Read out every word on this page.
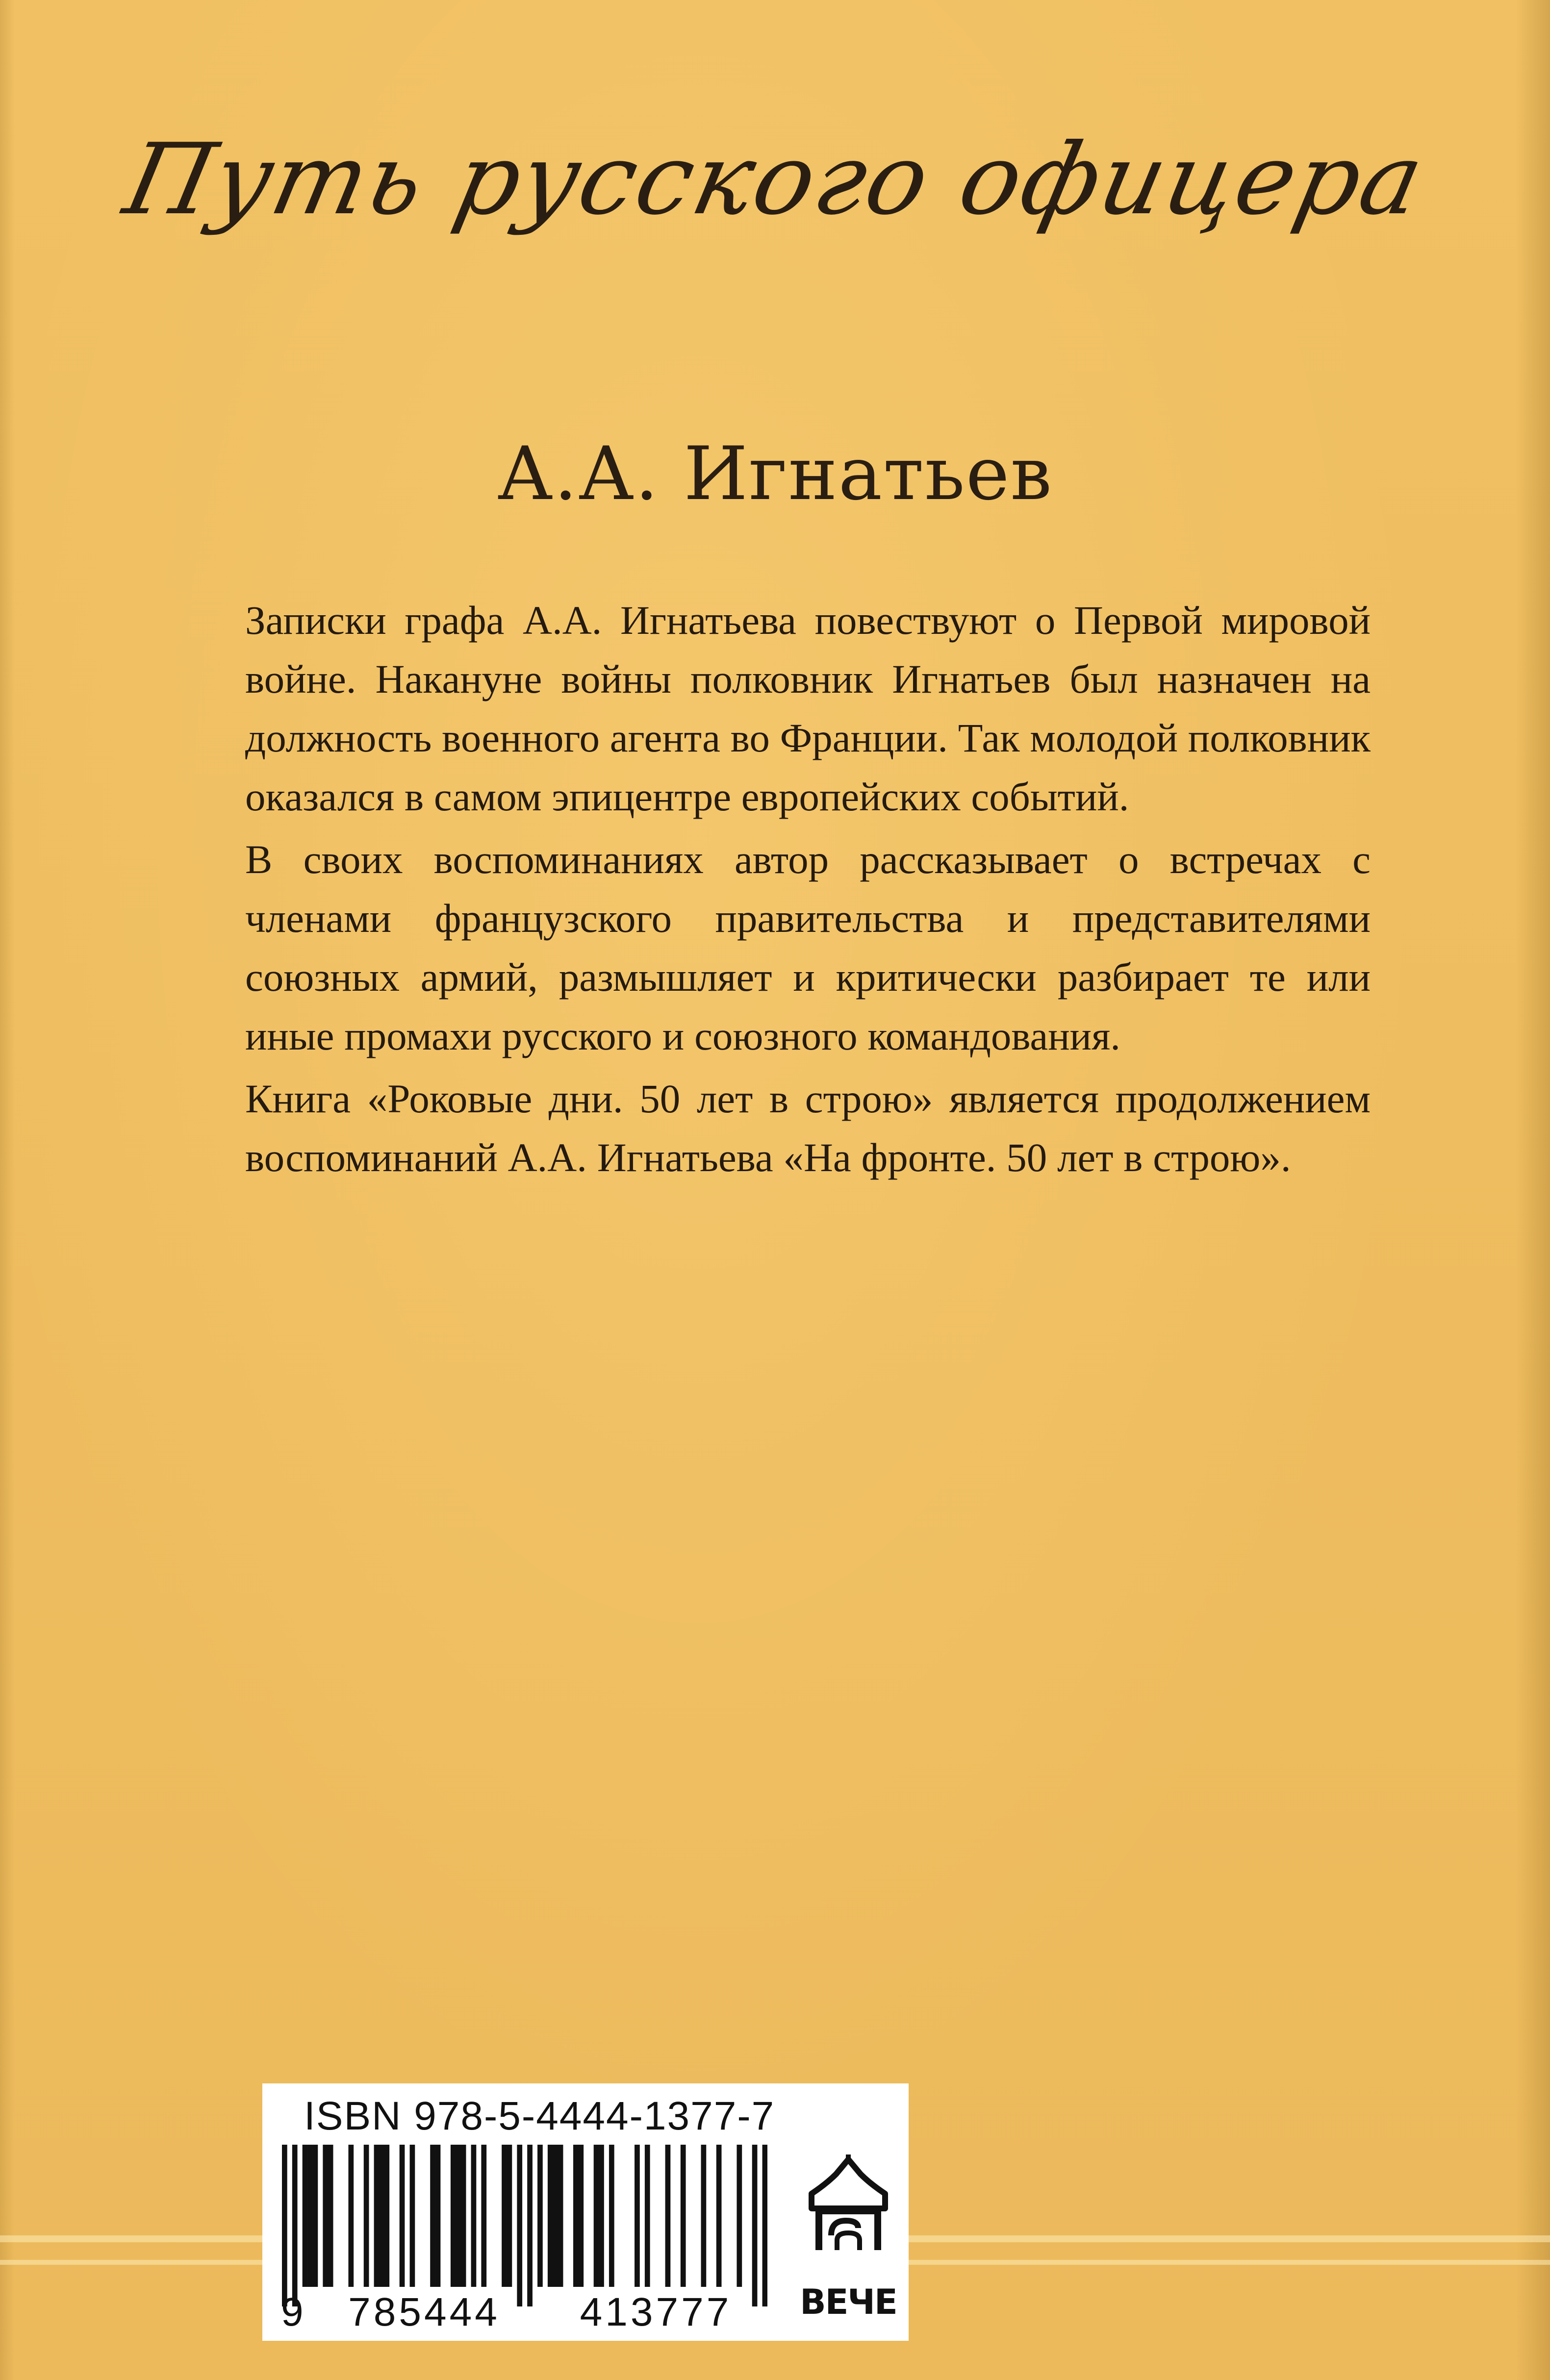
Путь русского офицера
А.А. Игнатьев

Записки графа А.А. Игнатьева повествуют о Первой мировой войне. Накануне войны полковник Игнатьев был назначен на должность военного агента во Франции. Так молодой полковник оказался в самом эпицентре европейских событий.

В своих воспоминаниях автор рассказывает о встречах с членами французского правительства и представителями союзных армий, размышляет и критически разбирает те или иные промахи русского и союзного командования.

Книга «Роковые дни. 50 лет в строю» является продолжением воспоминаний А.А. Игнатьева «На фронте. 50 лет в строю».

ISBN 978-5-4444-1377-7
9	785444	413777	ВЕЧЕ
